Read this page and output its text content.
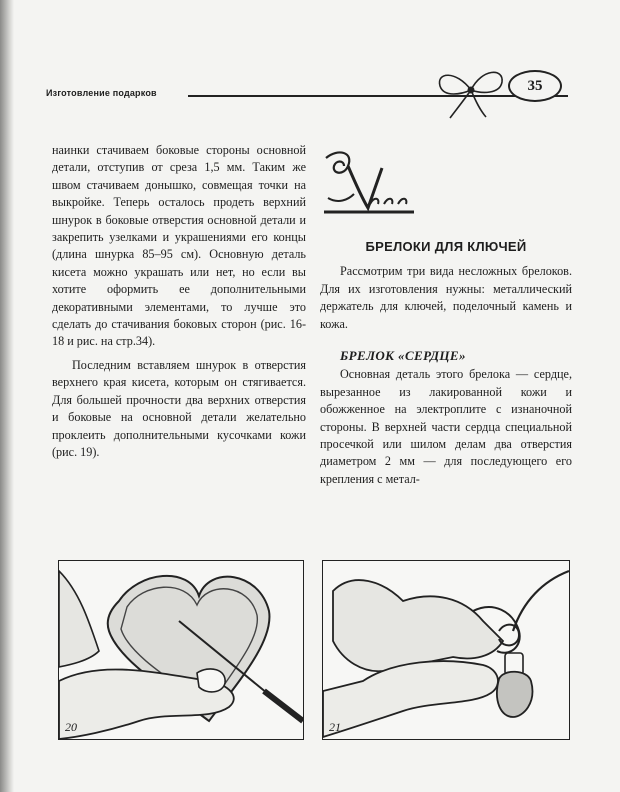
Изготовление подарков	35

наинки стачиваем боковые стороны основной детали, отступив от среза 1,5 мм. Таким же швом стачиваем донышко, совмещая точки на выкройке. Теперь осталось продеть верхний шнурок в боковые отверстия основной детали и закрепить узелками и украшениями его концы (длина шнурка 85–95 см). Основную деталь кисета можно украшать или нет, но если вы хотите оформить ее дополнительными декоративными элементами, то лучше это сделать до стачивания боковых сторон (рис. 16-18 и рис. на стр.34).

Последним вставляем шнурок в отверстия верхнего края кисета, которым он стягивается. Для большей прочности два верхних отверстия и боковые на основной детали желательно проклеить дополнительными кусочками кожи (рис. 19).

БРЕЛОКИ ДЛЯ КЛЮЧЕЙ

Рассмотрим три вида несложных брелоков. Для их изготовления нужны: металлический держатель для ключей, поделочный камень и кожа.

БРЕЛОК «СЕРДЦЕ»

Основная деталь этого брелока — сердце, вырезанное из лакированной кожи и обожженное на электроплите с изнаночной стороны. В верхней части сердца специальной просечкой или шилом делам два отверстия диаметром 2 мм — для последующего его крепления с метал-

20	21
